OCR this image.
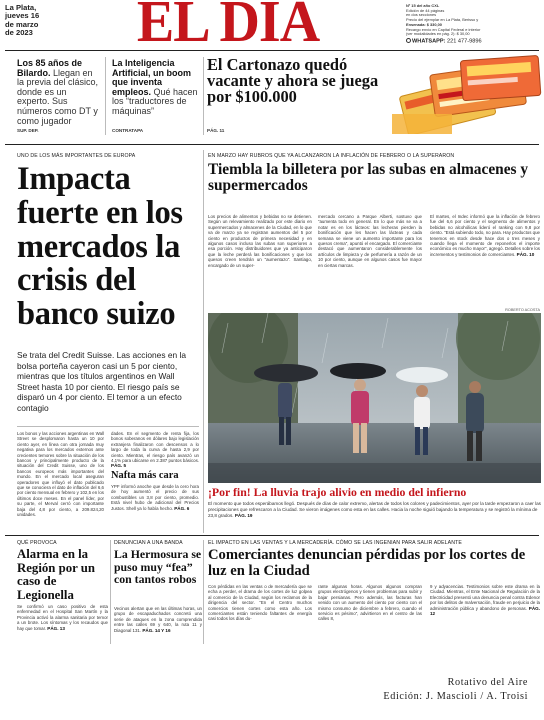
La Plata,
jueves 16
de marzo
de 2023	EL DIA	Nº 15 del año CXL
Edición de 44 páginas
en dos secciones
Precio del ejemplar en La Plata, Berisso y
Ensenada: $ 330,00
Recargo envío en Capital Federal e interior
(ver modalidades en pág. 2): $ 30,00
WHATSAPP: 221 477-9896
Los 85 años de Bilardo. Llegan en la previa del clásico, donde es un experto. Sus números como DT y como jugador
SUP. DEP.
La Inteligencia Artificial, un boom que inventa empleos. Qué hacen los “traductores de máquinas”
CONTRATAPA
El Cartonazo quedó vacante y ahora se juega por $100.000
PÁG. 11
UNO DE LOS MÁS IMPORTANTES DE EUROPA
Impacta fuerte en los mercados la crisis del banco suizo
Se trata del Credit Suisse. Las acciones en la bolsa porteña cayeron casi un 5 por ciento, mientras que los títulos argentinos en Wall Street hasta 10 por ciento. El riesgo país se disparó un 4 por ciento. El temor a un efecto contagio
Los bonos y las acciones argentinas en Wall Street se desplomaron hasta un 10 por ciento ayer, en línea con otra jornada muy negativa para los mercados externos ante crecientes temores sobre la situación de los bancos y principalmente producto de la situación del Credit Suisse, uno de los bancos europeos más importantes del mundo. En el mercado local aseguran operadores que influyó el dato publicado que se conociera el dato de inflación del 6,6 por ciento mensual en febrero y 102,5 en los últimos doce meses. En el panel líder, por su parte, el Merval cerró con importante baja del 4,8 por ciento, a 209.824,20 unidades.
dades. En el segmento de renta fija, los bonos soberanos en dólares bajo legislación extranjera finalizaron con descensos a lo largo de toda la curva de hasta 2,9 por ciento. Mientras, el riesgo país avanzó un 4,1% para ubicarse en 2.387 puntos básicos. PÁG. 5
Nafta más cara
YPF informó anoche que desde la cero hora de hoy aumentó el precio de sus combustibles un 3,8 por ciento, promedio. Está nivel hubo de adicional del Precios Justos. Shell ya lo había hecho. PÁG. 6
EN MARZO HAY RUBROS QUE YA ALCANZARON LA INFLACIÓN DE FEBRERO O LA SUPERARON
Tiembla la billetera por las subas en almacenes y supermercados
Los precios de alimentos y bebidas no se detienen. Según un relevamiento realizado por este diario en supermercados y almacenes de la Ciudad, en lo que va de marzo ya se registran aumentos del 5 por ciento en productos de primera necesidad y en algunos casos incluso las subas son superiores a esa porción. Hay distribuidores que ya anticiparon que la leche perderá las bonificaciones y que los quesos creen tendrán un “aumentazo”. Santiago, encargado de un super-
mercado cercano a Parque Alberti, sostuvo que “aumenta todo en general. En lo que más se va a notar es en los lácteos: las lecheras pierden la bonificación que les hacen las lácteas y cada semana se viene un aumento importante para los quesos crema”, apuntó el encargado. El comerciante destacó que aumentaron considerablemente los artículos de limpieza y de perfumería a razón de un 10 por ciento, aunque en algunos casos fue mayor en ciertas marcas.
El martes, el Indec informó que la inflación de febrero fue del 6,6 por ciento y el segmento de alimentos y bebidas no alcohólicas lideró el ranking con 9,8 por ciento. “Está subiendo todo, no para. Hay productos que tenemos en stock desde hace dos o tres meses y cuando llega el momento de reponerlos el importe económico es mucho mayor”, agregó. Detalles sobre los incrementos y testimonios de comerciantes. PÁG. 10
ROBERTO ACOSTA
¡Por fin! La lluvia trajo alivio en medio del infierno
El momento que todos esperábamos llegó. Después de días de calor extremo, alertas de todos los colores y padecimientos, ayer por la tarde empezaron a caer las precipitaciones que refrescaron a la Ciudad. Se vieron imágenes como esta en las calles. Hacia la noche siguió bajando la temperatura y se registró la mínima de 23,8 grados. PÁG. 19
QUÉ PROVOCA
Alarma en la Región por un caso de Legionella
Se confirmó un caso positivo de esta enfermedad en el Hospital San Martín y la Provincia activó la alarma sanitaria por temor a un brote. Los síntomas y los recaudos que hay que tomar. PÁG. 13
DENUNCIAN A UNA BANDA
La Hermosura se puso muy “fea” con tantos robos
Vecinos alertan que en las últimas horas, un grupo de escapaduchados concretó una serie de ataques en la zona comprendida entre las calles 69 y 640, la ruta 11 y Diagonal 131. PÁG. 14 Y 16
EL IMPACTO EN LAS VENTAS Y LA MERCADERÍA. CÓMO SE LAS INGENIAN PARA SALIR ADELANTE
Comerciantes denuncian pérdidas por los cortes de luz en la Ciudad
Con pérdidas en las ventas o de mercadería que se echa a perder, el drama de los cortes de luz golpea al comercio de la Ciudad, según los reclamos de la dirigencia del sector. “En el Centro muchos comercios tienen cortes como esta año. Los comerciantes están teniendo faltantes de energía casi todos los días du-
rante algunas horas. Algunos algunos compran grupos electrógenos y tienen problemas para subir y bajar persianas. Pero además, las facturas han venido con un aumento del ciento por ciento con el mismo consumo de diciembre a febrero, cuando el servicio es pésimo”, advirtieron en el centro de las calles 8,
9 y adyacencias. Testimonios sobre este drama en la Ciudad. Mientras, el Ente Nacional de Regulación de la Electricidad presentó una denuncia penal contra Edenor por los delitos de malversación, fraude en perjuicio de la administración pública y abandono de personas. PÁG. 12
Rotativo del Aire
Edición: J. Mascioli / A. Troisi
